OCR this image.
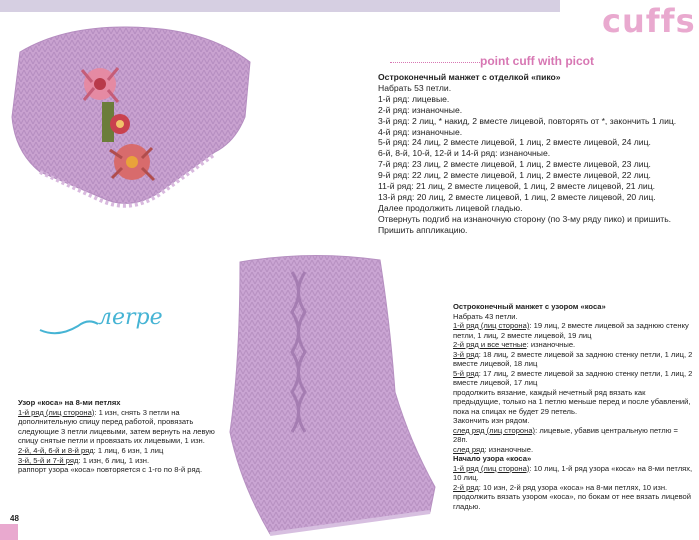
cuffs
point cuff with picot
лerpe
Остроконечный манжет с отделкой «пико»
Набрать 53 петли.
1-й ряд: лицевые.
2-й ряд: изнаночные.
3-й ряд: 2 лиц, * накид, 2 вместе лицевой, повторять от *, закончить 1 лиц.
4-й ряд: изнаночные.
5-й ряд: 24 лиц, 2 вместе лицевой, 1 лиц, 2 вместе лицевой, 24 лиц.
6-й, 8-й, 10-й, 12-й и 14-й ряд: изнаночные.
7-й ряд: 23 лиц, 2 вместе лицевой, 1 лиц, 2 вместе лицевой, 23 лиц.
9-й ряд: 22 лиц, 2 вместе лицевой, 1 лиц, 2 вместе лицевой, 22 лиц.
11-й ряд: 21 лиц, 2 вместе лицевой, 1 лиц, 2 вместе лицевой, 21 лиц.
13-й ряд: 20 лиц, 2 вместе лицевой, 1 лиц, 2 вместе лицевой, 20 лиц.
Далее продолжить лицевой гладью.
Отвернуть подгиб на изнаночную сторону (по 3-му ряду пико) и пришить.
Пришить аппликацию.
Остроконечный манжет с узором «коса»
Набрать 43 петли.
1-й ряд (лиц сторона): 19 лиц, 2 вместе лицевой за заднюю стенку петли, 1 лиц, 2 вместе лицевой, 19 лиц
2-й ряд и все четные: изнаночные.
3-й ряд: 18 лиц, 2 вместе лицевой за заднюю стенку петли, 1 лиц, 2 вместе лицевой, 18 лиц
5-й ряд: 17 лиц, 2 вместе лицевой за заднюю стенку петли, 1 лиц, 2 вместе лицевой, 17 лиц
продолжить вязание, каждый нечетный ряд вязать как предыдущие, только на 1 петлю меньше перед и после убавлений, пока на спицах не будет 29 петель.
Закончить изн рядом.
след ряд (лиц сторона): лицевые, убавив центральную петлю = 28п.
след ряд: изнаночные.
Начало узора «коса»
1-й ряд (лиц сторона): 10 лиц, 1-й ряд узора «коса» на 8-ми петлях, 10 лиц.
2-й ряд: 10 изн, 2-й ряд узора «коса» на 8-ми петлях, 10 изн.
продолжить вязать узором «коса», по бокам от нее вязать лицевой гладью.
Узор «коса» на 8-ми петлях
1-й ряд (лиц сторона): 1 изн, снять 3 петли на дополнительную спицу перед работой, провязать следующие 3 петли лицевыми, затем вернуть на левую спицу снятые петли и провязать их лицевыми, 1 изн.
2-й, 4-й, 6-й и 8-й ряд: 1 лиц, 6 изн, 1 лиц
3-й, 5-й и 7-й ряд: 1 изн, 6 лиц, 1 изн.
раппорт узора «коса» повторяется с 1-го по 8-й ряд.
48
